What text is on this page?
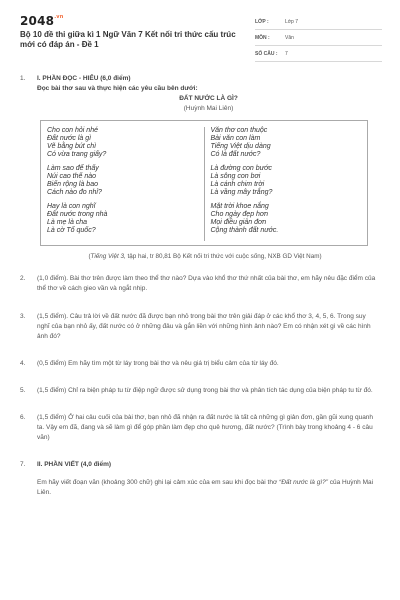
$2048^{.vn}$
Bộ 10 đề thi giữa kì 1 Ngữ Văn 7 Kết nối tri thức cấu trúc mới có đáp án - Đề 1
LỚP :	Lớp 7
MÔN :	Văn
SỐ CÂU :	7
1. I. PHẦN ĐỌC - HIỂU (6,0 điểm)
Đọc bài thơ sau và thực hiện các yêu cầu bên dưới:
ĐẤT NƯỚC LÀ GÌ?
(Huỳnh Mai Liên)
Cho con hỏi nhé
Đất nước là gì
Vẽ bằng bút chì
Có vừa trang giấy?
Làm sao để thấy
Núi cao thế nào
Biển rộng là bao
Cách nào đo nhỉ?
Hay là con nghĩ
Đất nước trong nhà
Là mẹ là cha
Là cờ Tổ quốc?
Văn thơ con thuộc
Bài văn con làm
Tiếng Việt dịu dàng
Có là đất nước?
Là đường con bước
Là sông con bơi
Là cánh chim trời
Là vầng mây trắng?
Mặt trời khoe nắng
Cho ngày đẹp hơn
Mọi điều giản đơn
Cộng thành đất nước.
(Tiếng Việt 3, tập hai, tr 80,81 Bộ Kết nối tri thức với cuộc sống, NXB GD Việt Nam)
2. (1,0 điểm). Bài thơ trên được làm theo thể thơ nào? Dựa vào khổ thơ thứ nhất của bài thơ, em hãy nêu đặc điểm của thể thơ về cách gieo vần và ngắt nhịp.
3. (1,5 điểm). Câu trả lời về đất nước đã được bạn nhỏ trong bài thơ trên giải đáp ở các khổ thơ 3, 4, 5, 6. Trong suy nghĩ của bạn nhỏ ấy, đất nước có ở những đâu và gắn liền với những hình ảnh nào? Em có nhận xét gì về các hình ảnh đó?
4. (0,5 điểm) Em hãy tìm một từ láy trong bài thơ và nêu giá trị biểu cảm của từ láy đó.
5. (1,5 điểm) Chỉ ra biện pháp tu từ điệp ngữ được sử dụng trong bài thơ và phân tích tác dụng của biện pháp tu từ đó.
6. (1,5 điểm) Ở hai câu cuối của bài thơ, bạn nhỏ đã nhận ra đất nước là tất cả những gì giản đơn, gần gũi xung quanh ta. Vậy em đã, đang và sẽ làm gì để góp phần làm đẹp cho quê hương, đất nước? (Trình bày trong khoảng 4 - 6 câu văn)
7. II. PHẦN VIẾT (4,0 điểm)
Em hãy viết đoạn văn (khoảng 300 chữ) ghi lại cảm xúc của em sau khi đọc bài thơ “Đất nước là gì?” của Huỳnh Mai Liên.
